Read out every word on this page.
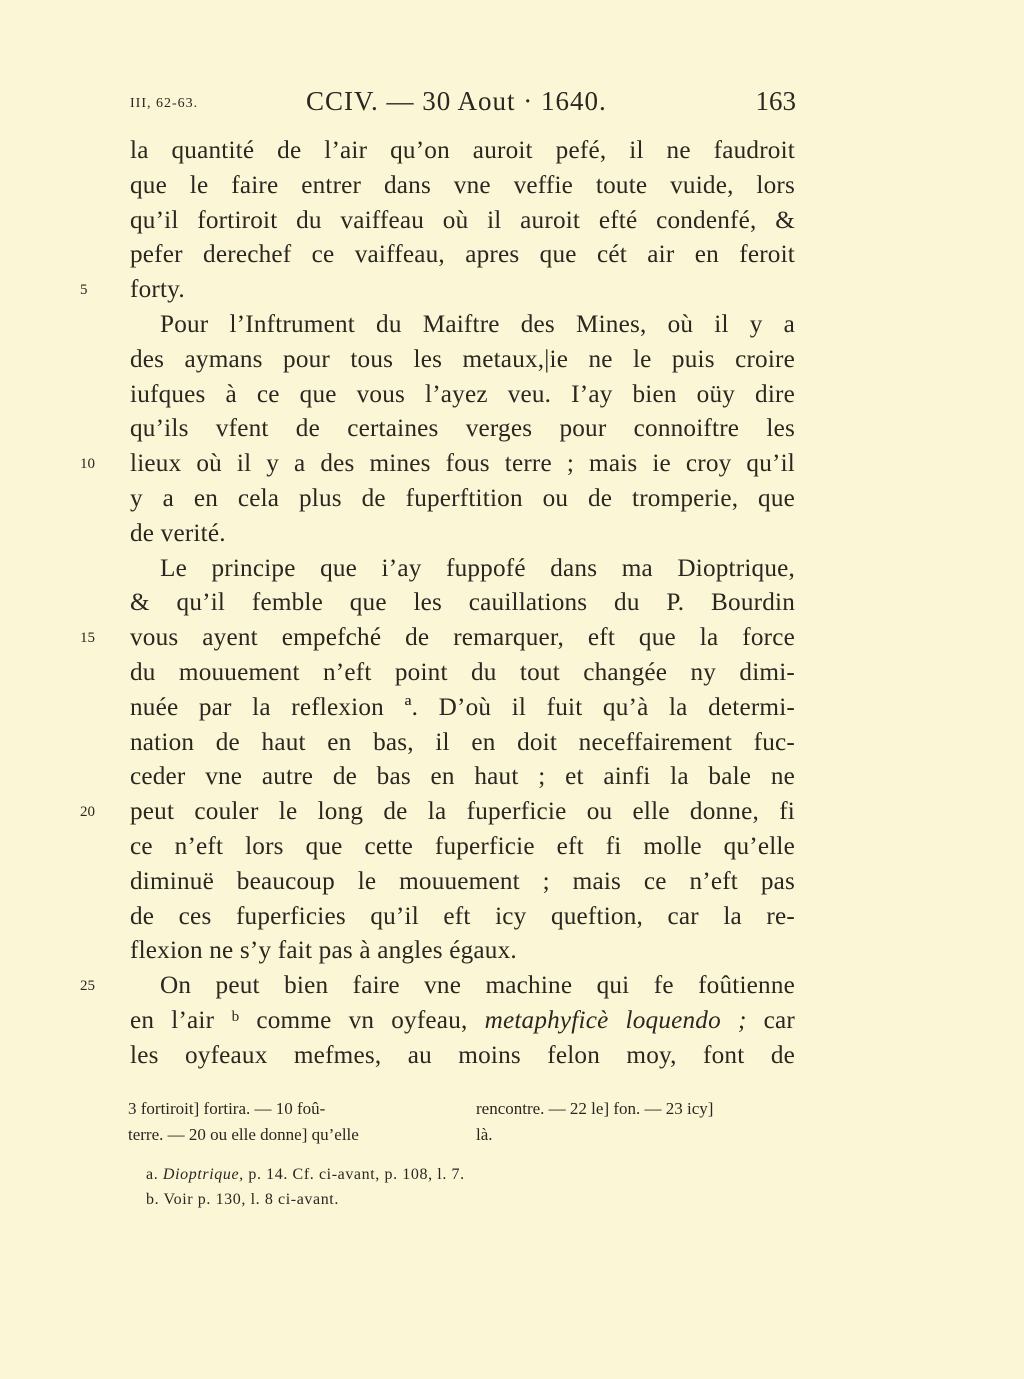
III, 62-63.	CCIV. — 30 Aout · 1640.	163
la quantité de l’air qu’on auroit pefé, il ne faudroit
que le faire entrer dans vne veffie toute vuide, lors
qu’il fortiroit du vaiffeau où il auroit efté condenfé, &
pefer derechef ce vaiffeau, apres que cét air en feroit
5	forty.
Pour l’Inftrument du Maiftre des Mines, où il y a
des aymans pour tous les metaux,|ie ne le puis croire
iufques à ce que vous l’ayez veu. I’ay bien oüy dire
qu’ils vfent de certaines verges pour connoiftre les
10	lieux où il y a des mines fous terre ; mais ie croy qu’il
y a en cela plus de fuperftition ou de tromperie, que
de verité.
Le principe que i’ay fuppofé dans ma Dioptrique,
& qu’il femble que les cauillations du P. Bourdin
15	vous ayent empefché de remarquer, eft que la force
du mouuement n’eft point du tout changée ny dimi-
nuée par la reflexion ª. D’où il fuit qu’à la determi-
nation de haut en bas, il en doit neceffairement fuc-
ceder vne autre de bas en haut ; et ainfi la bale ne
20	peut couler le long de la fuperficie ou elle donne, fi
ce n’eft lors que cette fuperficie eft fi molle qu’elle
diminuë beaucoup le mouuement ; mais ce n’eft pas
de ces fuperficies qu’il eft icy queftion, car la re-
flexion ne s’y fait pas à angles égaux.
25	On peut bien faire vne machine qui fe foûtienne
en l’air ᵇ comme vn oyfeau, metaphyficè loquendo ; car
les oyfeaux mefmes, au moins felon moy, font de
3 fortiroit] fortira. — 10 foû-
terre. — 20 ou elle donne] qu’elle
rencontre. — 22 le] fon. — 23 icy]
là.
a. Dioptrique, p. 14. Cf. ci-avant, p. 108, l. 7.
b. Voir p. 130, l. 8 ci-avant.
